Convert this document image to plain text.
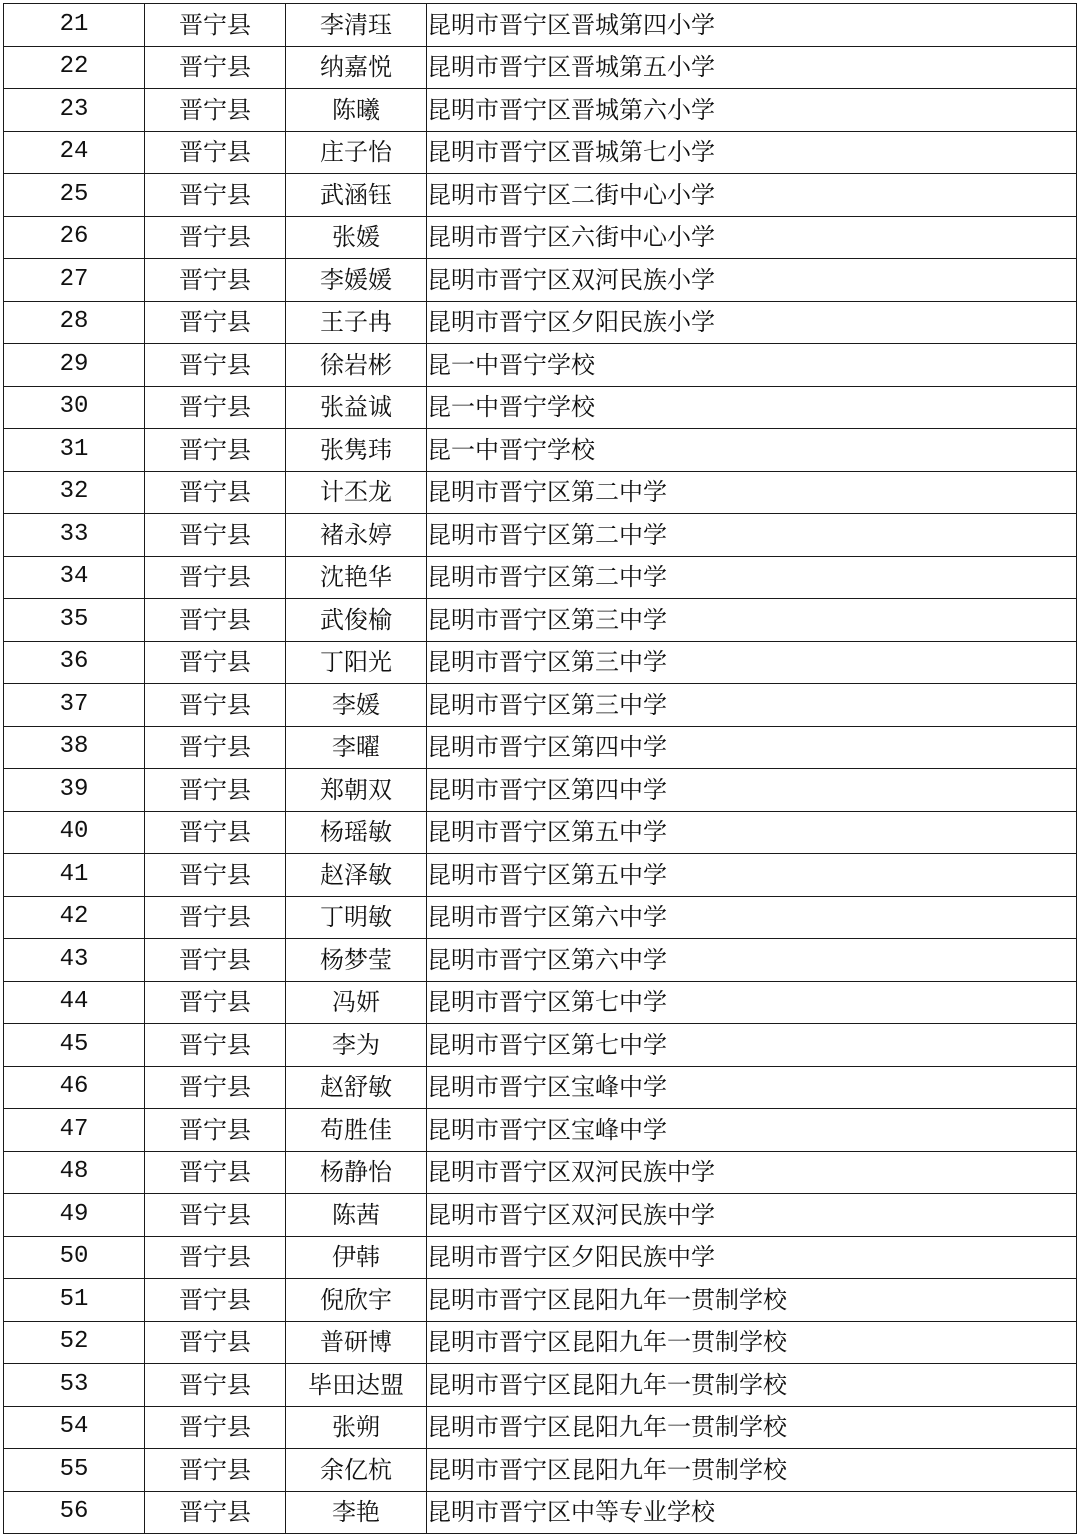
21	晋宁县	李清珏	昆明市晋宁区晋城第四小学
22	晋宁县	纳嘉悦	昆明市晋宁区晋城第五小学
23	晋宁县	陈曦	昆明市晋宁区晋城第六小学
24	晋宁县	庄子怡	昆明市晋宁区晋城第七小学
25	晋宁县	武涵钰	昆明市晋宁区二街中心小学
26	晋宁县	张媛	昆明市晋宁区六街中心小学
27	晋宁县	李媛媛	昆明市晋宁区双河民族小学
28	晋宁县	王子冉	昆明市晋宁区夕阳民族小学
29	晋宁县	徐岩彬	昆一中晋宁学校
30	晋宁县	张益诚	昆一中晋宁学校
31	晋宁县	张隽玮	昆一中晋宁学校
32	晋宁县	计丕龙	昆明市晋宁区第二中学
33	晋宁县	褚永婷	昆明市晋宁区第二中学
34	晋宁县	沈艳华	昆明市晋宁区第二中学
35	晋宁县	武俊榆	昆明市晋宁区第三中学
36	晋宁县	丁阳光	昆明市晋宁区第三中学
37	晋宁县	李媛	昆明市晋宁区第三中学
38	晋宁县	李曜	昆明市晋宁区第四中学
39	晋宁县	郑朝双	昆明市晋宁区第四中学
40	晋宁县	杨瑶敏	昆明市晋宁区第五中学
41	晋宁县	赵泽敏	昆明市晋宁区第五中学
42	晋宁县	丁明敏	昆明市晋宁区第六中学
43	晋宁县	杨梦莹	昆明市晋宁区第六中学
44	晋宁县	冯妍	昆明市晋宁区第七中学
45	晋宁县	李为	昆明市晋宁区第七中学
46	晋宁县	赵舒敏	昆明市晋宁区宝峰中学
47	晋宁县	苟胜佳	昆明市晋宁区宝峰中学
48	晋宁县	杨静怡	昆明市晋宁区双河民族中学
49	晋宁县	陈茜	昆明市晋宁区双河民族中学
50	晋宁县	伊韩	昆明市晋宁区夕阳民族中学
51	晋宁县	倪欣宇	昆明市晋宁区昆阳九年一贯制学校
52	晋宁县	普研博	昆明市晋宁区昆阳九年一贯制学校
53	晋宁县	毕田达盟	昆明市晋宁区昆阳九年一贯制学校
54	晋宁县	张朔	昆明市晋宁区昆阳九年一贯制学校
55	晋宁县	余亿杭	昆明市晋宁区昆阳九年一贯制学校
56	晋宁县	李艳	昆明市晋宁区中等专业学校
